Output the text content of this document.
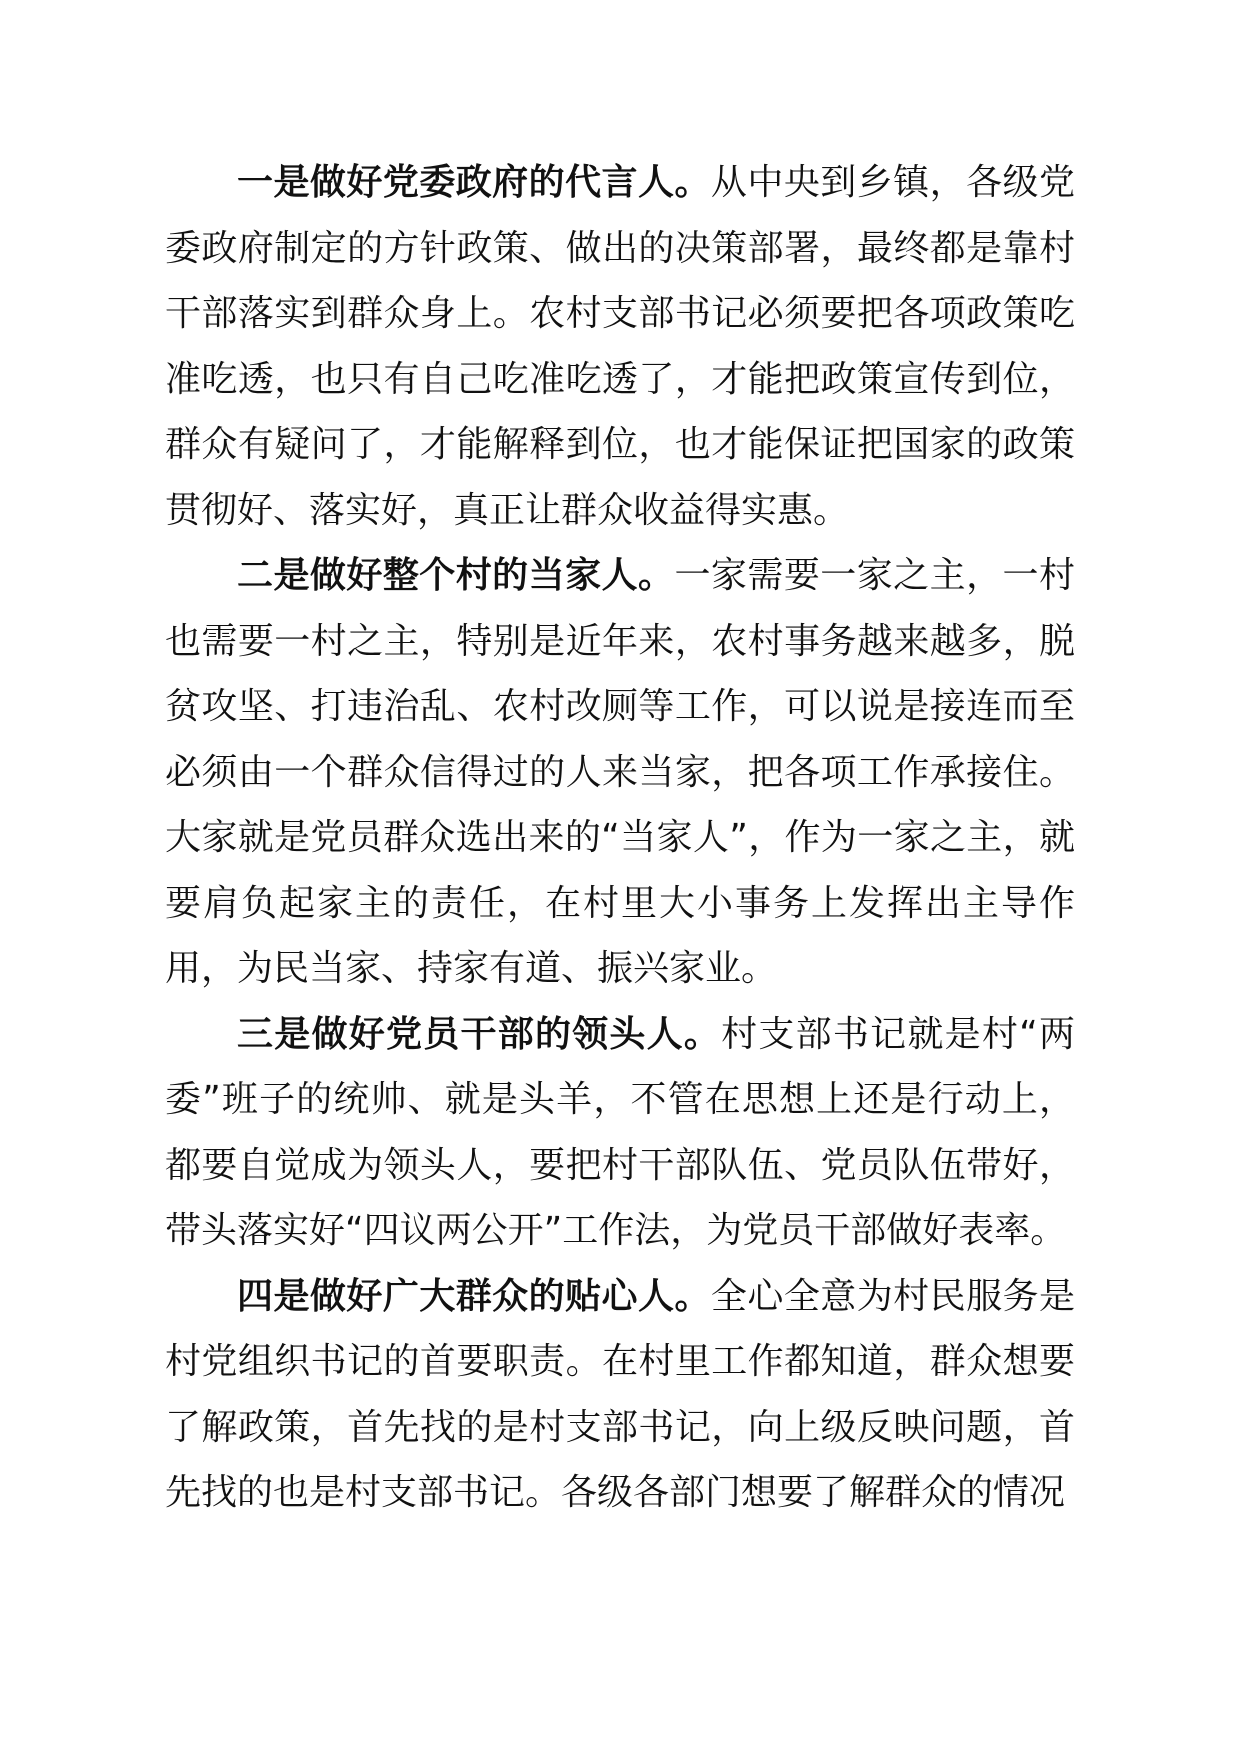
一是做好党委政府的代言人。从中央到乡镇，各级党委政府制定的方针政策、做出的决策部署，最终都是靠村干部落实到群众身上。农村支部书记必须要把各项政策吃准吃透，也只有自己吃准吃透了，才能把政策宣传到位，群众有疑问了，才能解释到位，也才能保证把国家的政策贯彻好、落实好，真正让群众收益得实惠。

二是做好整个村的当家人。一家需要一家之主，一村也需要一村之主，特别是近年来，农村事务越来越多，脱贫攻坚、打违治乱、农村改厕等工作，可以说是接连而至必须由一个群众信得过的人来当家，把各项工作承接住。大家就是党员群众选出来的“当家人”，作为一家之主，就要肩负起家主的责任，在村里大小事务上发挥出主导作用，为民当家、持家有道、振兴家业。

三是做好党员干部的领头人。村支部书记就是村“两委”班子的统帅、就是头羊，不管在思想上还是行动上，都要自觉成为领头人，要把村干部队伍、党员队伍带好，带头落实好“四议两公开”工作法，为党员干部做好表率。

四是做好广大群众的贴心人。全心全意为村民服务是村党组织书记的首要职责。在村里工作都知道，群众想要了解政策，首先找的是村支部书记，向上级反映问题，首先找的也是村支部书记。各级各部门想要了解群众的情况
